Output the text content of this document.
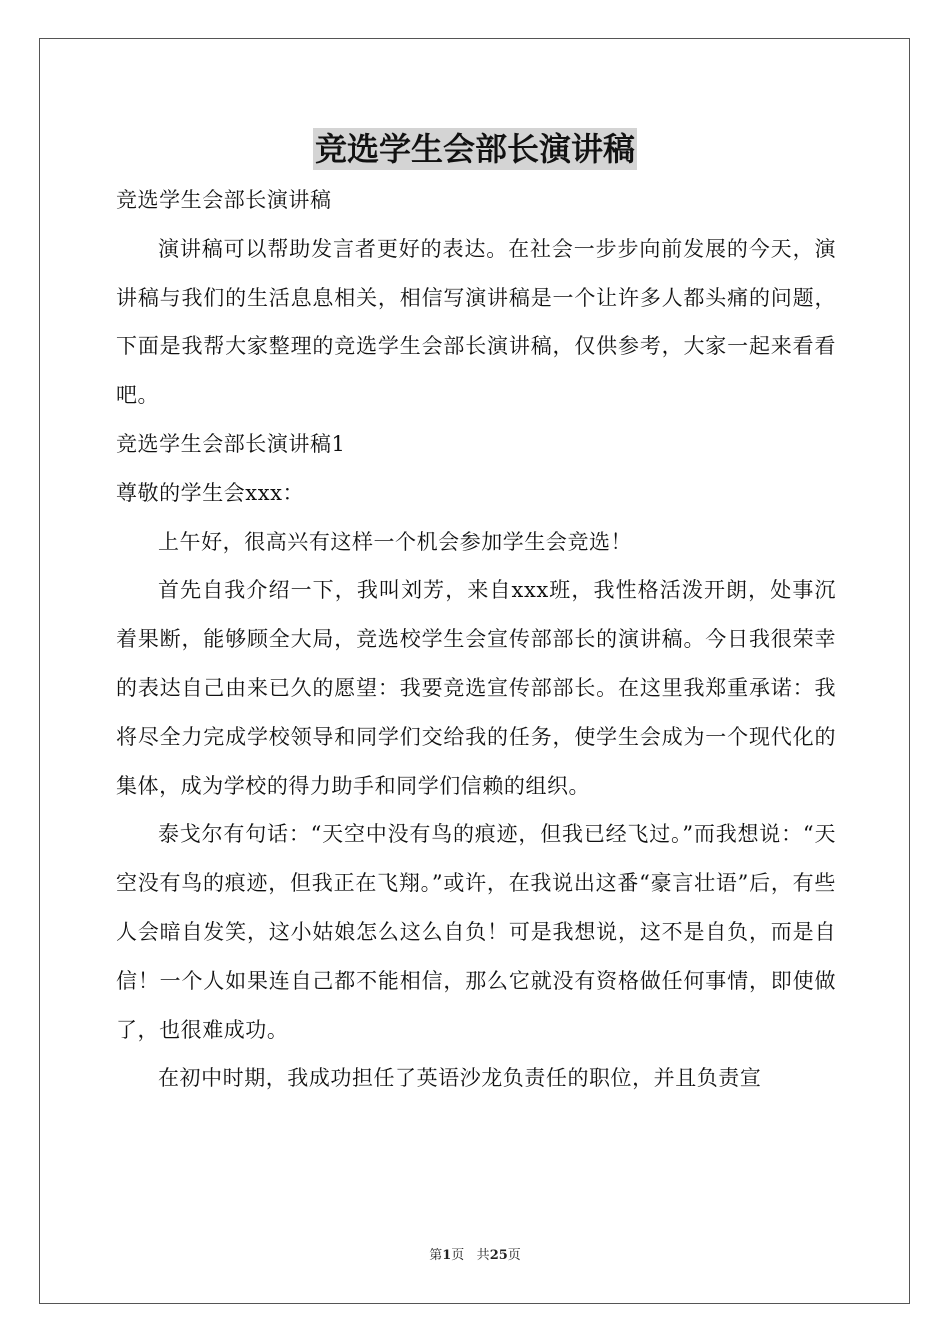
竞选学生会部长演讲稿

竞选学生会部长演讲稿

演讲稿可以帮助发言者更好的表达。在社会一步步向前发展的今天，演讲稿与我们的生活息息相关，相信写演讲稿是一个让许多人都头痛的问题，下面是我帮大家整理的竞选学生会部长演讲稿，仅供参考，大家一起来看看吧。

竞选学生会部长演讲稿1

尊敬的学生会xxx：

上午好，很高兴有这样一个机会参加学生会竞选！

首先自我介绍一下，我叫刘芳，来自xxx班，我性格活泼开朗，处事沉着果断，能够顾全大局，竞选校学生会宣传部部长的演讲稿。今日我很荣幸的表达自己由来已久的愿望：我要竞选宣传部部长。在这里我郑重承诺：我将尽全力完成学校领导和同学们交给我的任务，使学生会成为一个现代化的集体，成为学校的得力助手和同学们信赖的组织。

泰戈尔有句话：“天空中没有鸟的痕迹，但我已经飞过。”而我想说：“天空没有鸟的痕迹，但我正在飞翔。”或许，在我说出这番“豪言壮语”后，有些人会暗自发笑，这小姑娘怎么这么自负！可是我想说，这不是自负，而是自信！一个人如果连自己都不能相信，那么它就没有资格做任何事情，即使做了，也很难成功。

在初中时期，我成功担任了英语沙龙负责任的职位，并且负责宣

第1页 共25页
